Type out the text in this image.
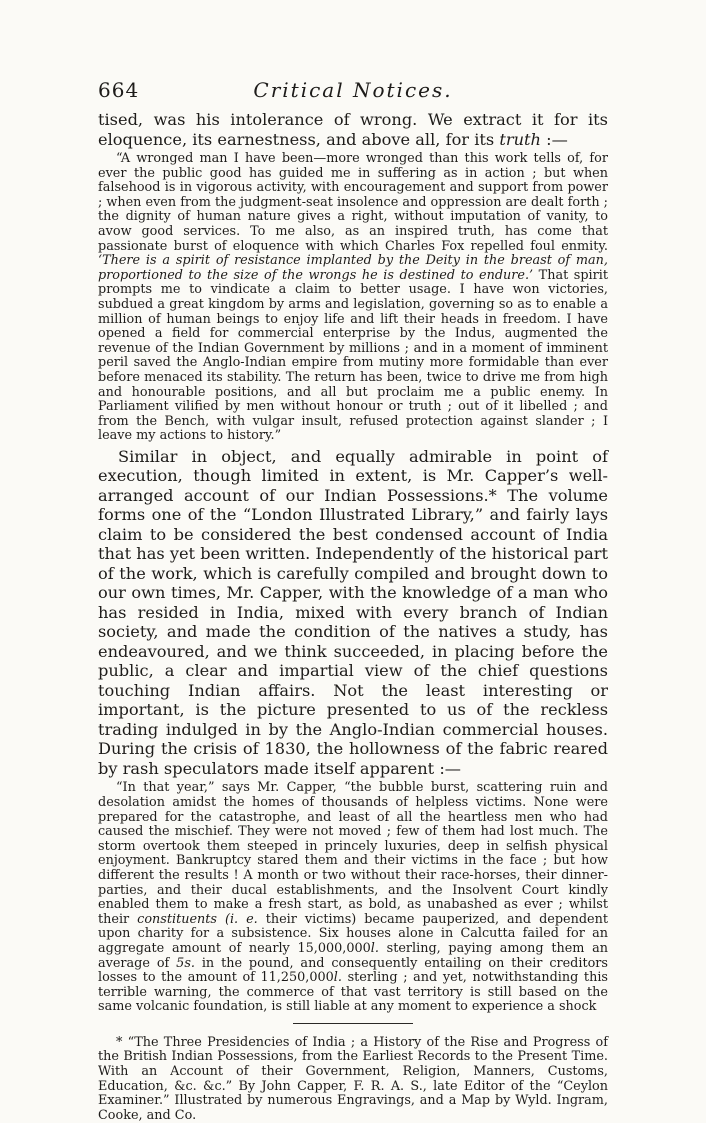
664	Critical Notices.

tised, was his intolerance of wrong. We extract it for its eloquence, its earnestness, and above all, for its truth :—

“A wronged man I have been—more wronged than this work tells of, for ever the public good has guided me in suffering as in action ; but when falsehood is in vigorous activity, with encouragement and support from power ; when even from the judgment-seat insolence and oppression are dealt forth ; the dignity of human nature gives a right, without imputation of vanity, to avow good services. To me also, as an inspired truth, has come that passionate burst of eloquence with which Charles Fox repelled foul enmity. ‘There is a spirit of resistance implanted by the Deity in the breast of man, proportioned to the size of the wrongs he is destined to endure.’ That spirit prompts me to vindicate a claim to better usage. I have won victories, subdued a great kingdom by arms and legislation, governing so as to enable a million of human beings to enjoy life and lift their heads in freedom. I have opened a field for commercial enterprise by the Indus, augmented the revenue of the Indian Government by millions ; and in a moment of imminent peril saved the Anglo-Indian empire from mutiny more formidable than ever before menaced its stability. The return has been, twice to drive me from high and honourable positions, and all but proclaim me a public enemy. In Parliament vilified by men without honour or truth ; out of it libelled ; and from the Bench, with vulgar insult, refused protection against slander ; I leave my actions to history.”

Similar in object, and equally admirable in point of execution, though limited in extent, is Mr. Capper’s well-arranged account of our Indian Possessions.* The volume forms one of the “London Illustrated Library,” and fairly lays claim to be considered the best condensed account of India that has yet been written. Independently of the historical part of the work, which is carefully compiled and brought down to our own times, Mr. Capper, with the knowledge of a man who has resided in India, mixed with every branch of Indian society, and made the condition of the natives a study, has endeavoured, and we think succeeded, in placing before the public, a clear and impartial view of the chief questions touching Indian affairs. Not the least interesting or important, is the picture presented to us of the reckless trading indulged in by the Anglo-Indian commercial houses. During the crisis of 1830, the hollowness of the fabric reared by rash speculators made itself apparent :—

“In that year,” says Mr. Capper, “the bubble burst, scattering ruin and desolation amidst the homes of thousands of helpless victims. None were prepared for the catastrophe, and least of all the heartless men who had caused the mischief. They were not moved ; few of them had lost much. The storm overtook them steeped in princely luxuries, deep in selfish physical enjoyment. Bankruptcy stared them and their victims in the face ; but how different the results ! A month or two without their race-horses, their dinner-parties, and their ducal establishments, and the Insolvent Court kindly enabled them to make a fresh start, as bold, as unabashed as ever ; whilst their constituents (i. e. their victims) became pauperized, and dependent upon charity for a subsistence. Six houses alone in Calcutta failed for an aggregate amount of nearly 15,000,000l. sterling, paying among them an average of 5s. in the pound, and consequently entailing on their creditors losses to the amount of 11,250,000l. sterling ; and yet, notwithstanding this terrible warning, the commerce of that vast territory is still based on the same volcanic foundation, is still liable at any moment to experience a shock

* “The Three Presidencies of India ; a History of the Rise and Progress of the British Indian Possessions, from the Earliest Records to the Present Time. With an Account of their Government, Religion, Manners, Customs, Education, &c. &c.” By John Capper, F. R. A. S., late Editor of the “Ceylon Examiner.” Illustrated by numerous Engravings, and a Map by Wyld. Ingram, Cooke, and Co.
